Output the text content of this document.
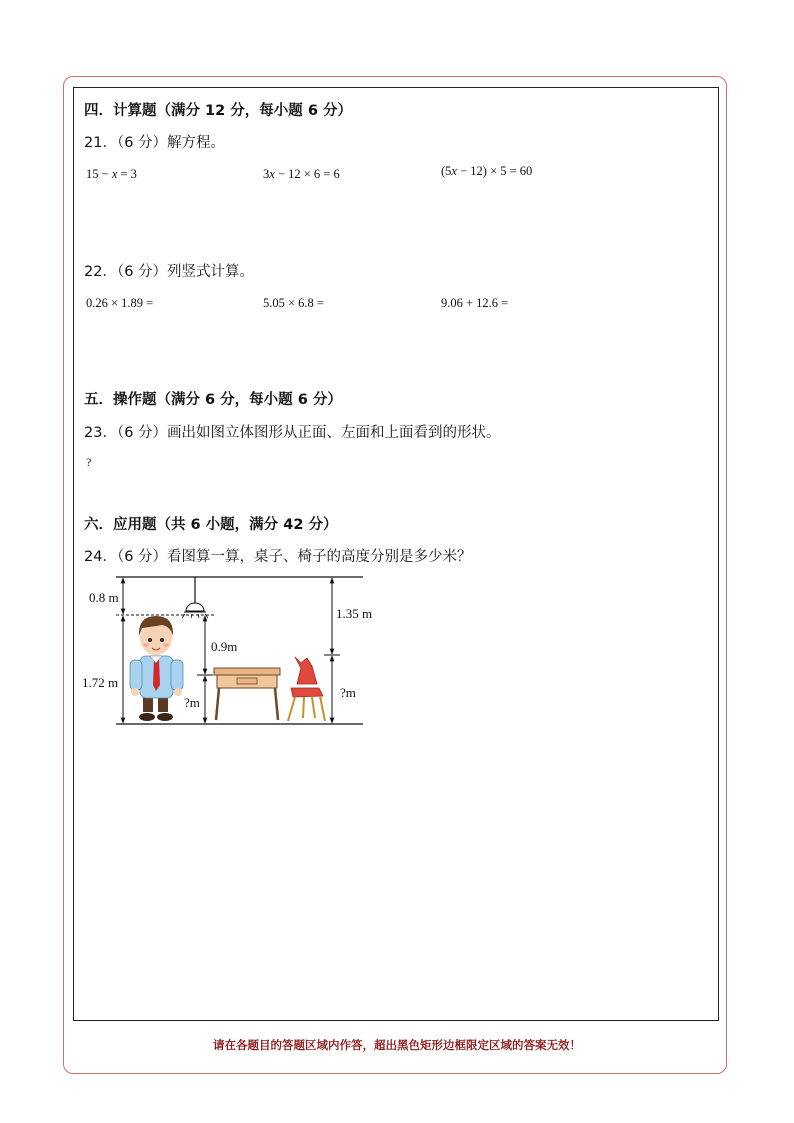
四．计算题（满分 12 分，每小题 6 分）
21．（6 分）解方程。
15 − x = 3	3x − 12 × 6 = 6	(5x − 12) × 5 = 60
22．（6 分）列竖式计算。
0.26 × 1.89 =	5.05 × 6.8 =	9.06 + 12.6 =
五．操作题（满分 6 分，每小题 6 分）
23．（6 分）画出如图立体图形从正面、左面和上面看到的形状。
?
六．应用题（共 6 小题，满分 42 分）
24．（6 分）看图算一算，桌子、椅子的高度分别是多少米？
0.8 m
1.72 m
0.9m
?m
1.35 m
?m
请在各题目的答题区域内作答，超出黑色矩形边框限定区域的答案无效！
